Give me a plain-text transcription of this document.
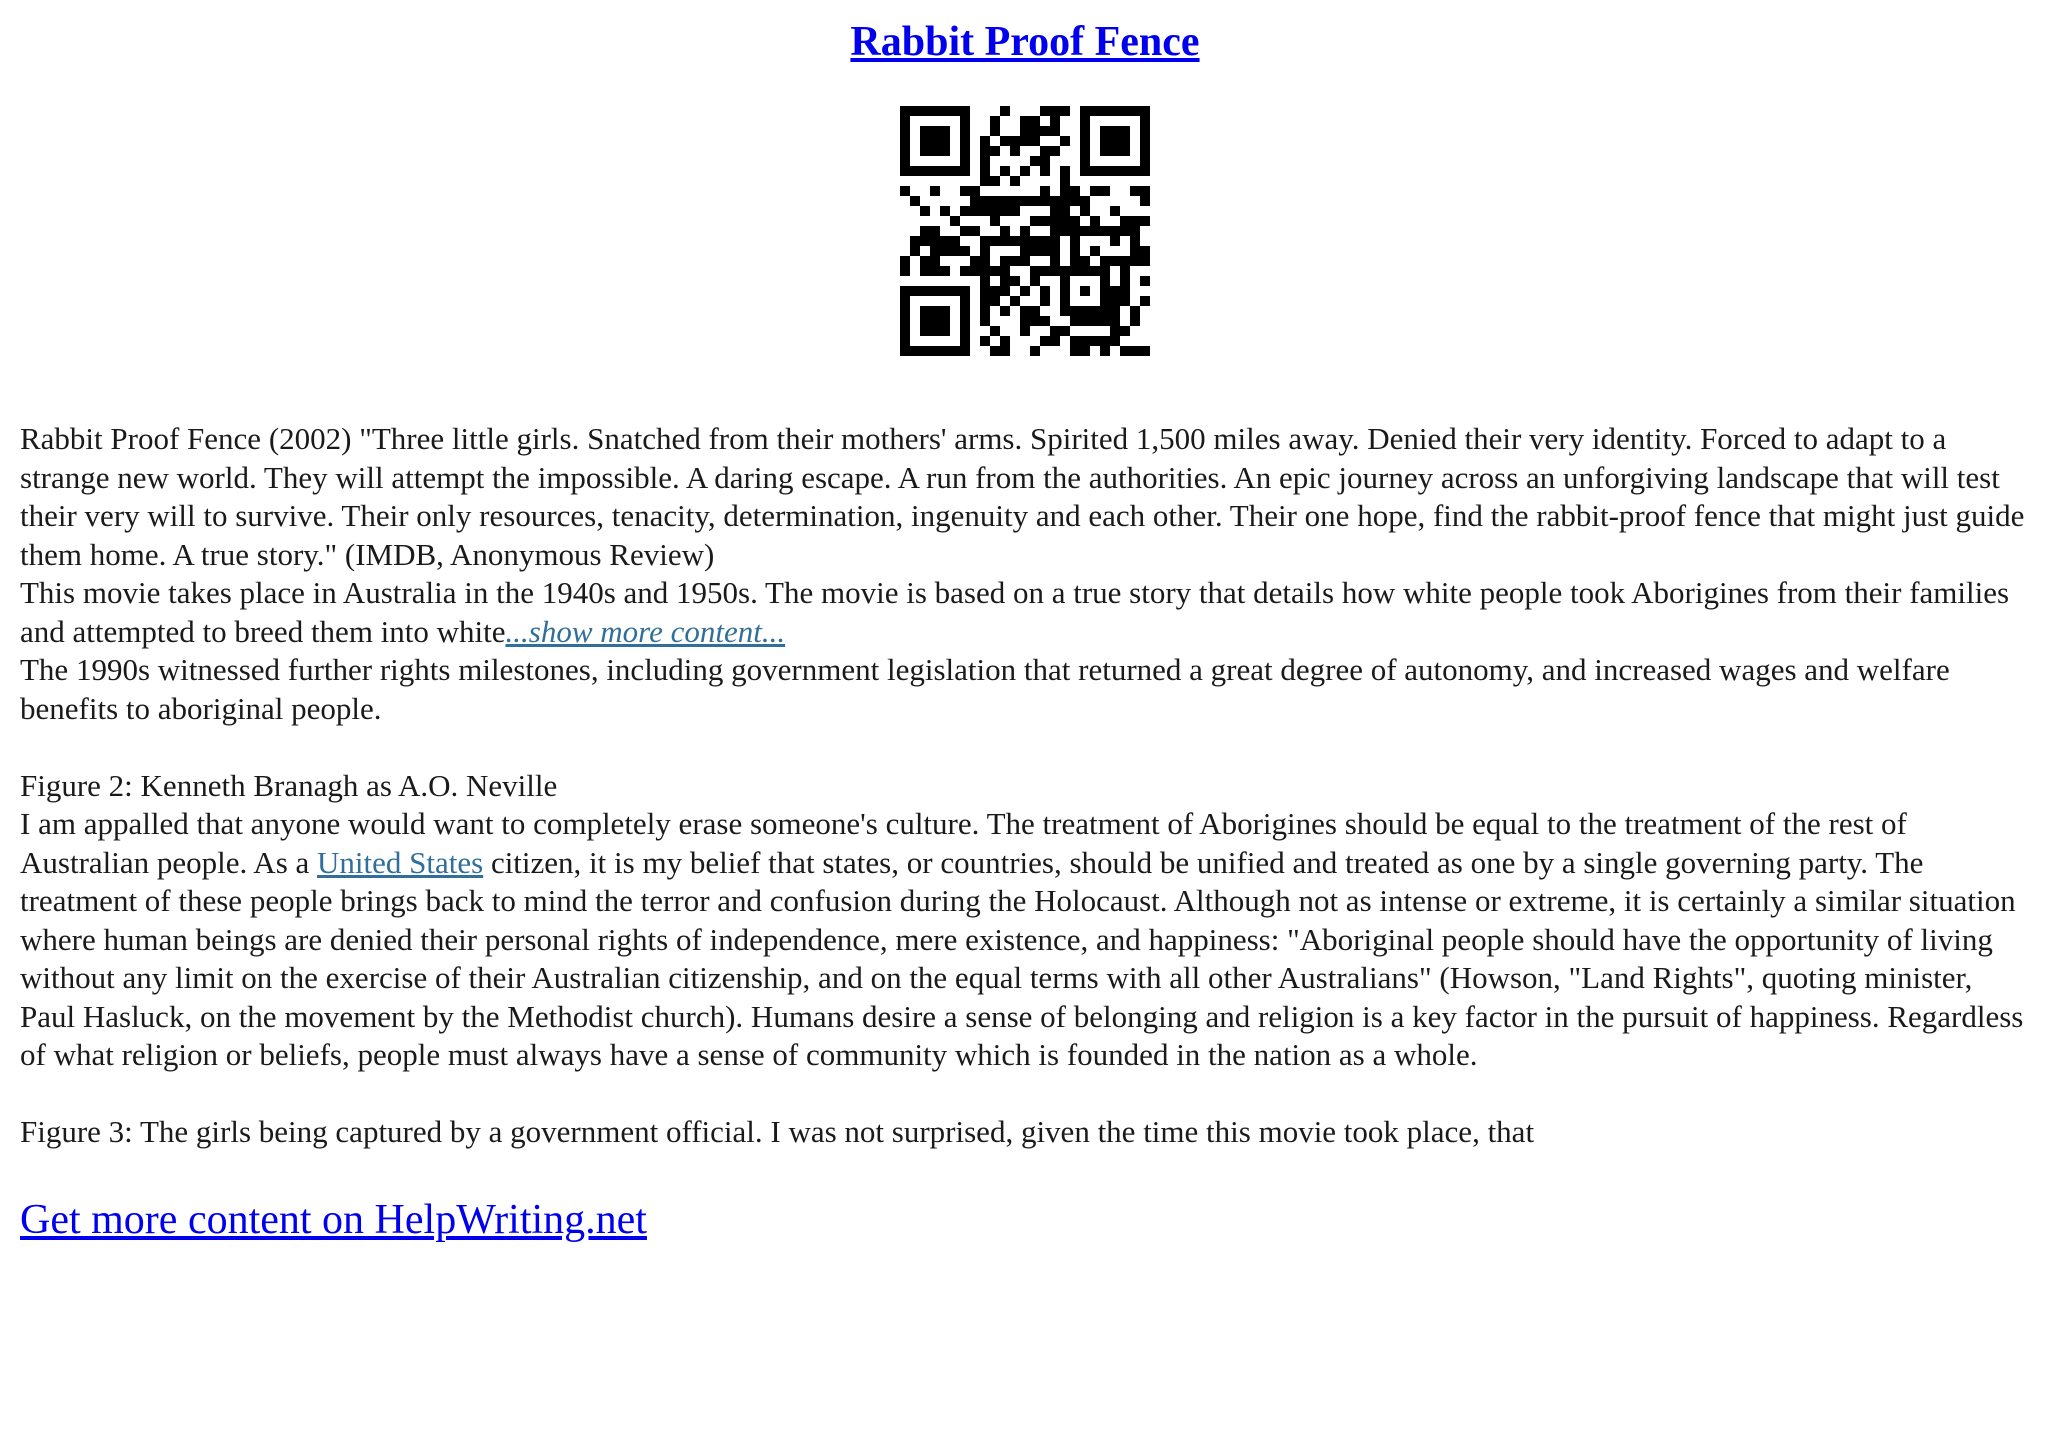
Rabbit Proof Fence

Rabbit Proof Fence (2002) "Three little girls. Snatched from their mothers' arms. Spirited 1,500 miles away. Denied their very identity. Forced to adapt to a strange new world. They will attempt the impossible. A daring escape. A run from the authorities. An epic journey across an unforgiving landscape that will test their very will to survive. Their only resources, tenacity, determination, ingenuity and each other. Their one hope, find the rabbit-proof fence that might just guide them home. A true story." (IMDB, Anonymous Review)

This movie takes place in Australia in the 1940s and 1950s. The movie is based on a true story that details how white people took Aborigines from their families and attempted to breed them into white...show more content...

The 1990s witnessed further rights milestones, including government legislation that returned a great degree of autonomy, and increased wages and welfare benefits to aboriginal people.

Figure 2: Kenneth Branagh as A.O. Neville

I am appalled that anyone would want to completely erase someone's culture. The treatment of Aborigines should be equal to the treatment of the rest of Australian people. As a United States citizen, it is my belief that states, or countries, should be unified and treated as one by a single governing party. The treatment of these people brings back to mind the terror and confusion during the Holocaust. Although not as intense or extreme, it is certainly a similar situation where human beings are denied their personal rights of independence, mere existence, and happiness: "Aboriginal people should have the opportunity of living without any limit on the exercise of their Australian citizenship, and on the equal terms with all other Australians" (Howson, "Land Rights", quoting minister, Paul Hasluck, on the movement by the Methodist church). Humans desire a sense of belonging and religion is a key factor in the pursuit of happiness. Regardless of what religion or beliefs, people must always have a sense of community which is founded in the nation as a whole.

Figure 3: The girls being captured by a government official. I was not surprised, given the time this movie took place, that

Get more content on HelpWriting.net
